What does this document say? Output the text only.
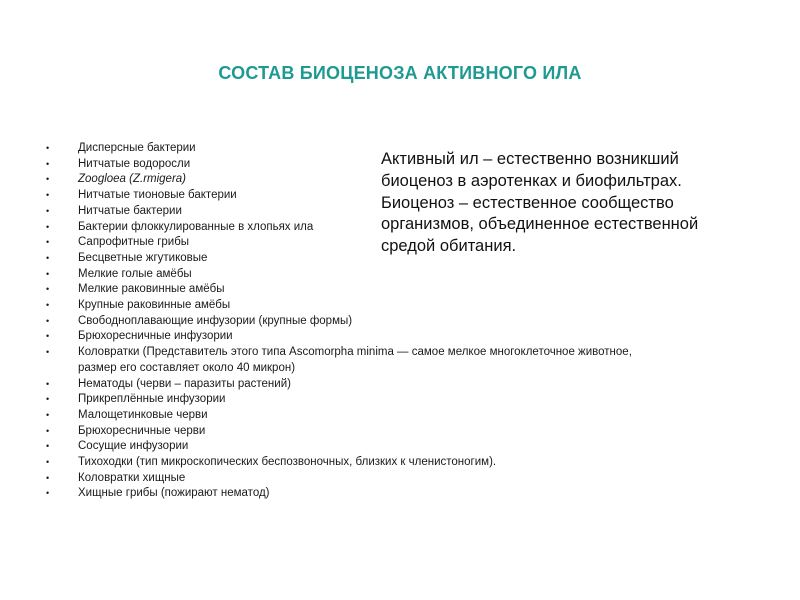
СОСТАВ БИОЦЕНОЗА АКТИВНОГО ИЛА
•	Дисперсные бактерии
•	Нитчатые водоросли
•	Zoogloea (Z.rmigera)
•	Нитчатые тионовые бактерии
•	Нитчатые бактерии
•	Бактерии флоккулированные в хлопьях ила
•	Сапрофитные грибы
•	Бесцветные жгутиковые
•	Мелкие голые амёбы
•	Мелкие раковинные амёбы
•	Крупные раковинные амёбы
•	Свободноплавающие инфузории (крупные формы)
•	Брюхоресничные инфузории
•	Коловратки (Представитель этого типа Ascomorpha minima — самое мелкое многоклеточное животное,
размер его составляет около 40 микрон)
•	Нематоды (черви – паразиты растений)
•	Прикреплённые инфузории
•	Малощетинковые черви
•	Брюхоресничные черви
•	Сосущие инфузории
•	Тихоходки (тип микроскопических беспозвоночных, близких к членистоногим).
•	Коловратки хищные
•	Хищные грибы (пожирают нематод)

Активный ил – естественно возникший

биоценоз в аэротенках и биофильтрах.

Биоценоз – естественное сообщество

организмов, объединенное естественной

средой обитания.
